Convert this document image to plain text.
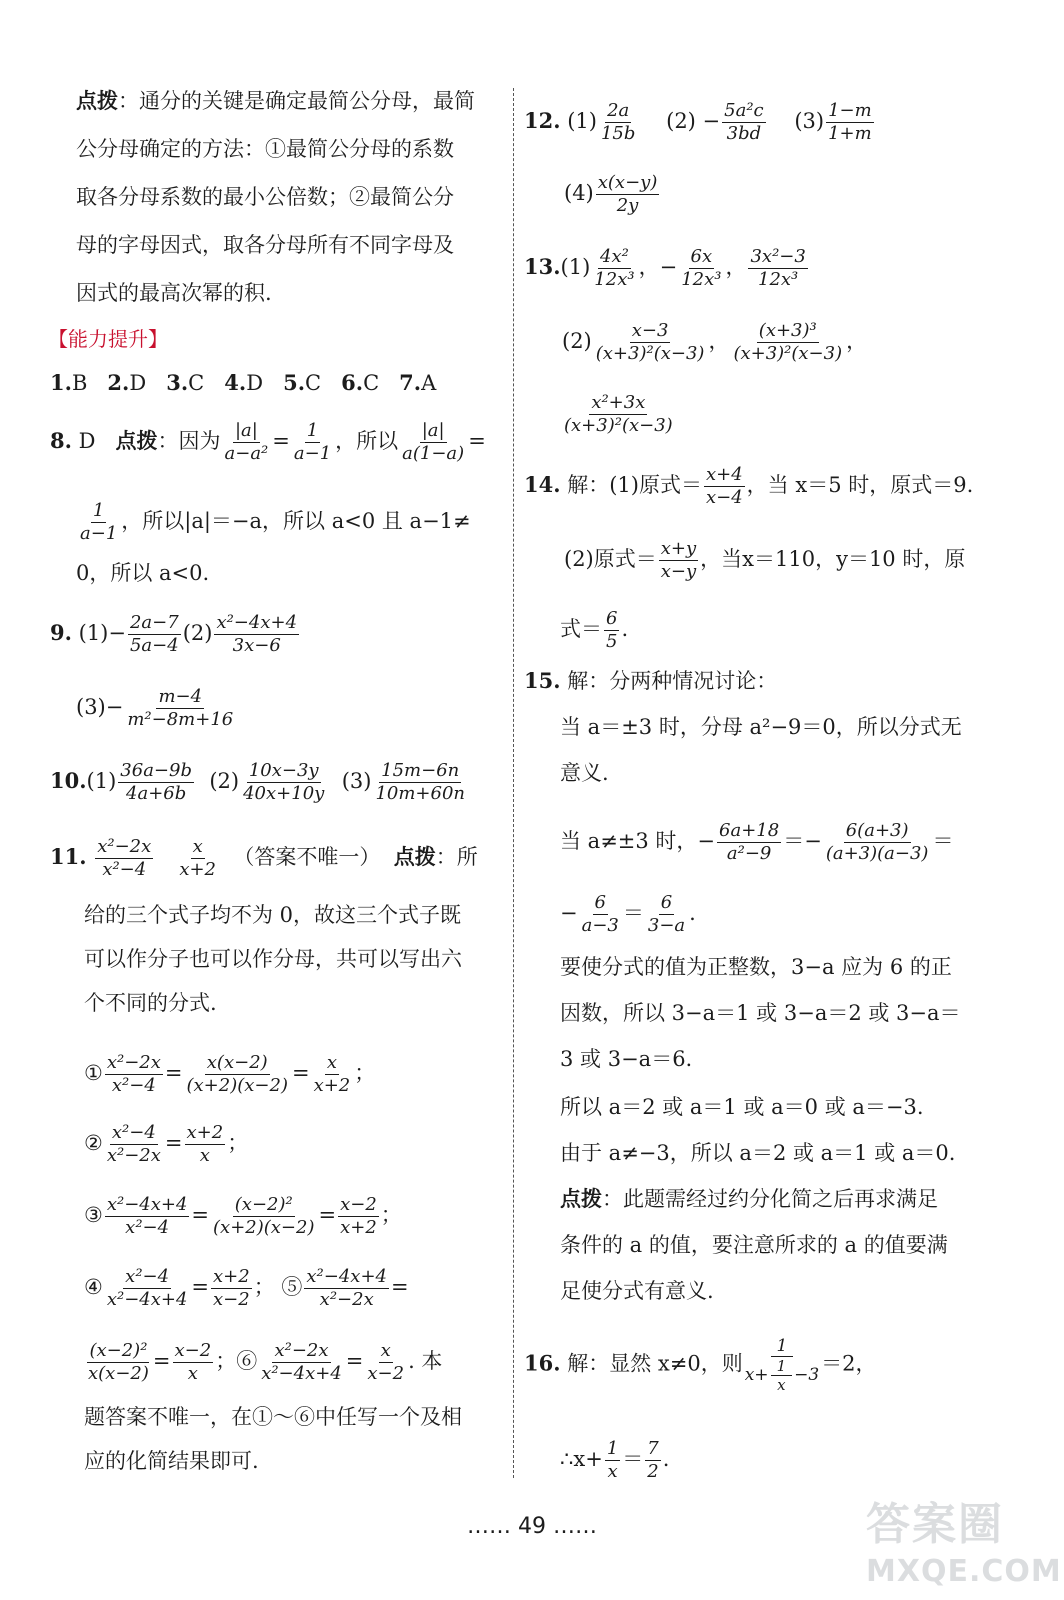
点拨：通分的关键是确定最简公分母，最简
公分母确定的方法：①最简公分母的系数
取各分母系数的最小公倍数；②最简公分
母的字母因式，取各分母所有不同字母及
因式的最高次幂的积.
【能力提升】
1.B 2.D 3.C 4.D 5.C 6.C 7.A
8. D 点拨：因为 $\frac{|a|}{\text{a−a²}} = \frac{1}{a-1}$ ，所以 $\frac{|a|}{a(1-a)}$ =
$\frac{1}{a-1}$ ，所以|a|＝−a，所以 a<0 且 a−1≠
0，所以 a<0.
9. $(1)- \frac{2a-7}{5a-4} (2) \frac{\text{x²−4x+4}}{3x-6}$
$(3)- \frac{m-4}{\text{m²−8m+16}}$
$10.(1) \frac{36a-9b}{4a+6b} (2) \frac{10x-3y}{40x+10y} (3) \frac{15m-6n}{10m+60n}$
11. $\frac{\text{x²−2x}}{\text{x²−4}}$
$\frac{x}{x+2}$ （答案不唯一） 点拨：所
给的三个式子均不为 0，故这三个式子既
可以作分子也可以作分母，共可以写出六
个不同的分式.
① $\frac{\text{x²−2x}}{\text{x²−4}} = \frac{x(x-2)}{(x+2)(x-2)} = \frac{x}{x+2}$ ；
② $\frac{\text{x²−4}}{\text{x²−2x}} = \frac{x+2}{x}$ ；
③ $\frac{\text{x²−4x+4}}{\text{x²−4}} = \frac{\text{(x−2)²}}{(x+2)(x-2)} = \frac{x-2}{x+2}$ ；
④ $\frac{\text{x²−4}}{\text{x²−4x+4}} = \frac{x+2}{x-2}$ ； ⑤ $\frac{\text{x²−4x+4}}{\text{x²−2x}}$ =
$\frac{\text{(x−2)²}}{x(x-2)} = \frac{x-2}{x}$ ；⑥ $\frac{\text{x²−2x}}{\text{x²−4x+4}} = \frac{x}{x-2}$ . 本
题答案不唯一，在①～⑥中任写一个及相
应的化简结果即可.
12. $(1) \frac{2a}{15b} (2) - \frac{\text{5a²c}}{3bd} (3) \frac{1-m}{1+m}$
$(4) \frac{x(x-y)}{2y}$
$13.(1) \frac{\text{4x²}}{\text{12x³}}$ ，− $\frac{6x}{\text{12x³}}$ ， $\frac{\text{3x²−3}}{\text{12x³}}$
$(2) \frac{x-3}{\text{(x+3)²(x−3)}}$ ， $\frac{\text{(x+3)³}}{\text{(x+3)²(x−3)}}$ ，
$\frac{\text{x²+3x}}{\text{(x+3)²(x−3)}}$
14. 解：(1)原式＝ $\frac{x+4}{x-4}$ ，当 x＝5 时，原式＝9.
(2)原式＝ $\frac{x+y}{x-y}$ ，当x＝110，y＝10 时，原
式＝ $\frac{6}{5}$ .
15. 解：分两种情况讨论：
当 a＝±3 时，分母 a²−9＝0，所以分式无
意义.
当 a≠±3 时，− $\frac{6a+18}{\text{a²−9}} =- \frac{6(a+3)}{(a+3)(a-3)}$ ＝
− $\frac{6}{a-3} = \frac{6}{3-a}$ .
要使分式的值为正整数，3−a 应为 6 的正
因数，所以 3−a＝1 或 3−a＝2 或 3−a＝
3 或 3−a＝6.
所以 a＝2 或 a＝1 或 a＝0 或 a＝−3.
由于 a≠−3，所以 a＝2 或 a＝1 或 a＝0.
点拨：此题需经过约分化简之后再求满足
条件的 a 的值，要注意所求的 a 的值要满
足使分式有意义.
16. 解：显然 x≠0，则 $\frac{1}{x+ \frac{1}{x} -3} =2$，
∴x+ $\frac{1}{x} = \frac{7}{2}$ .
…… 49 ……	答案圈
MXQE.COM
